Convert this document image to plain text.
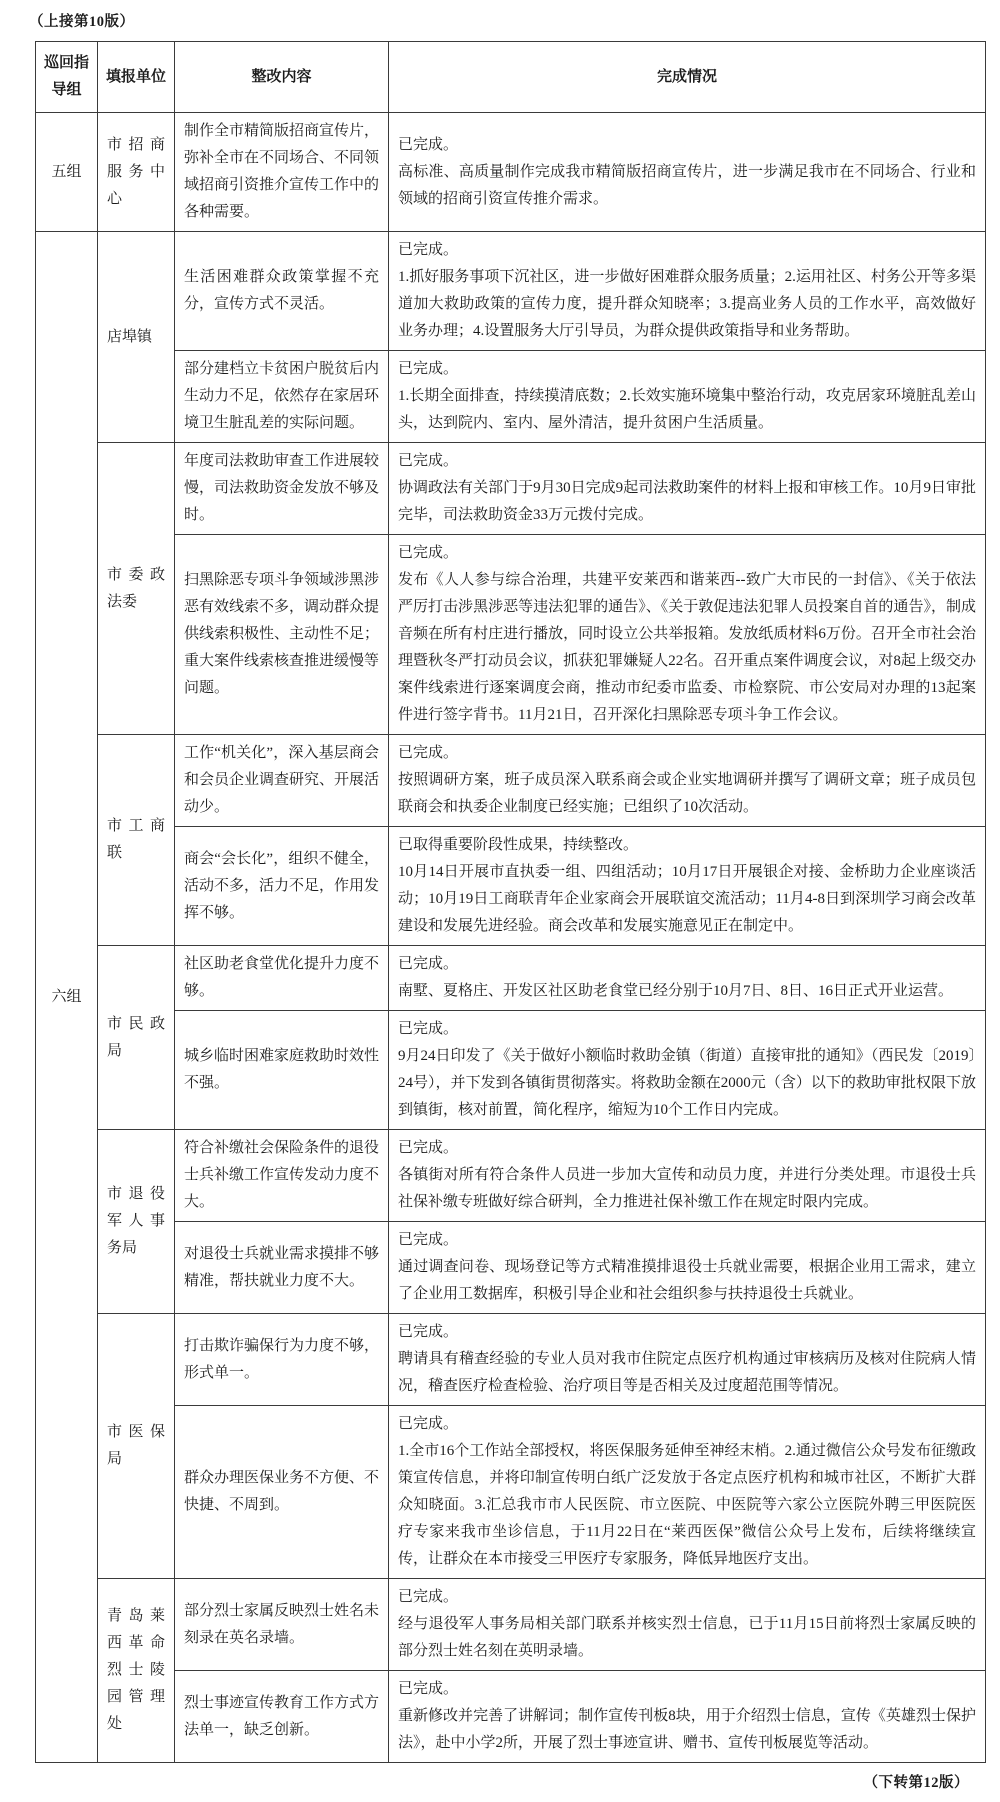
（上接第10版）
巡回指导组	填报单位	整改内容	完成情况
五组	市招商服务中心	制作全市精简版招商宣传片，弥补全市在不同场合、不同领域招商引资推介宣传工作中的各种需要。	已完成。
高标准、高质量制作完成我市精简版招商宣传片，进一步满足我市在不同场合、行业和领域的招商引资宣传推介需求。

六组	店埠镇	生活困难群众政策掌握不充分，宣传方式不灵活。	已完成。
1.抓好服务事项下沉社区，进一步做好困难群众服务质量；2.运用社区、村务公开等多渠道加大救助政策的宣传力度，提升群众知晓率；3.提高业务人员的工作水平，高效做好业务办理；4.设置服务大厅引导员，为群众提供政策指导和业务帮助。

		部分建档立卡贫困户脱贫后内生动力不足，依然存在家居环境卫生脏乱差的实际问题。	已完成。
1.长期全面排查，持续摸清底数；2.长效实施环境集中整治行动，攻克居家环境脏乱差山头，达到院内、室内、屋外清洁，提升贫困户生活质量。

	市委政法委	年度司法救助审查工作进展较慢，司法救助资金发放不够及时。	已完成。
协调政法有关部门于9月30日完成9起司法救助案件的材料上报和审核工作。10月9日审批完毕，司法救助资金33万元拨付完成。

		扫黑除恶专项斗争领域涉黑涉恶有效线索不多，调动群众提供线索积极性、主动性不足；重大案件线索核查推进缓慢等问题。	已完成。
发布《人人参与综合治理，共建平安莱西和谐莱西--致广大市民的一封信》、《关于依法严厉打击涉黑涉恶等违法犯罪的通告》、《关于敦促违法犯罪人员投案自首的通告》，制成音频在所有村庄进行播放，同时设立公共举报箱。发放纸质材料6万份。召开全市社会治理暨秋冬严打动员会议，抓获犯罪嫌疑人22名。召开重点案件调度会议，对8起上级交办案件线索进行逐案调度会商，推动市纪委市监委、市检察院、市公安局对办理的13起案件进行签字背书。11月21日，召开深化扫黑除恶专项斗争工作会议。

	市工商联	工作“机关化”，深入基层商会和会员企业调查研究、开展活动少。	已完成。
按照调研方案，班子成员深入联系商会或企业实地调研并撰写了调研文章；班子成员包联商会和执委企业制度已经实施；已组织了10次活动。

		商会“会长化”，组织不健全，活动不多，活力不足，作用发挥不够。	已取得重要阶段性成果，持续整改。
10月14日开展市直执委一组、四组活动；10月17日开展银企对接、金桥助力企业座谈活动；10月19日工商联青年企业家商会开展联谊交流活动；11月4-8日到深圳学习商会改革建设和发展先进经验。商会改革和发展实施意见正在制定中。

	市民政局	社区助老食堂优化提升力度不够。	已完成。
南墅、夏格庄、开发区社区助老食堂已经分别于10月7日、8日、16日正式开业运营。

		城乡临时困难家庭救助时效性不强。	已完成。
9月24日印发了《关于做好小额临时救助金镇（街道）直接审批的通知》（西民发〔2019〕24号），并下发到各镇街贯彻落实。将救助金额在2000元（含）以下的救助审批权限下放到镇街，核对前置，简化程序，缩短为10个工作日内完成。

	市退役军人事务局	符合补缴社会保险条件的退役士兵补缴工作宣传发动力度不大。	已完成。
各镇街对所有符合条件人员进一步加大宣传和动员力度，并进行分类处理。市退役士兵社保补缴专班做好综合研判，全力推进社保补缴工作在规定时限内完成。

		对退役士兵就业需求摸排不够精准，帮扶就业力度不大。	已完成。
通过调查问卷、现场登记等方式精准摸排退役士兵就业需要，根据企业用工需求，建立了企业用工数据库，积极引导企业和社会组织参与扶持退役士兵就业。

	市医保局	打击欺诈骗保行为力度不够，形式单一。	已完成。
聘请具有稽查经验的专业人员对我市住院定点医疗机构通过审核病历及核对住院病人情况，稽查医疗检查检验、治疗项目等是否相关及过度超范围等情况。

		群众办理医保业务不方便、不快捷、不周到。	已完成。
1.全市16个工作站全部授权，将医保服务延伸至神经末梢。2.通过微信公众号发布征缴政策宣传信息，并将印制宣传明白纸广泛发放于各定点医疗机构和城市社区，不断扩大群众知晓面。3.汇总我市市人民医院、市立医院、中医院等六家公立医院外聘三甲医院医疗专家来我市坐诊信息，于11月22日在“莱西医保”微信公众号上发布，后续将继续宣传，让群众在本市接受三甲医疗专家服务，降低异地医疗支出。

	青岛莱西革命烈士陵园管理处	部分烈士家属反映烈士姓名未刻录在英名录墙。	已完成。
经与退役军人事务局相关部门联系并核实烈士信息，已于11月15日前将烈士家属反映的部分烈士姓名刻在英明录墙。

		烈士事迹宣传教育工作方式方法单一，缺乏创新。	已完成。
重新修改并完善了讲解词；制作宣传刊板8块，用于介绍烈士信息，宣传《英雄烈士保护法》，赴中小学2所，开展了烈士事迹宣讲、赠书、宣传刊板展览等活动。
（下转第12版）
